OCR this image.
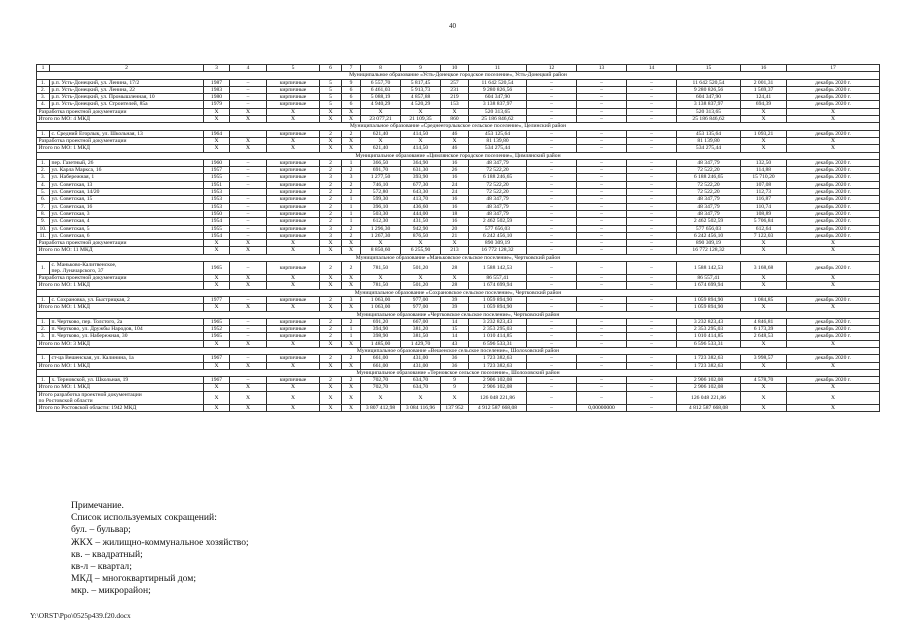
40
1	2	3	4	5	6	7	8	9	10	11	12	13	14	15	16	17
Муниципальное образование «Усть-Донецкое городское поселение», Усть-Донецкий район																
1.	р.п. Усть-Донецкий, ул. Ленина, 17/2	1987	–	кирпичные	5	9	6 557,70	5 817,45	257	11 642 520,54	–	–	–	11 642 520,54	2 001,31	декабрь 2020 г.
2.	р.п. Усть-Донецкий, ул. Ленина, 22	1983	–	кирпичные	5	6	6 461,03	5 913,73	231	9 280 826,56	–	–	–	9 280 826,56	1 569,37	декабрь 2020 г.
3.	р.п. Усть-Донецкий, ул. Промышленная, 10	1980	–	кирпичные	5	6	5 088,19	4 857,88	219	604 347,90	–	–	–	604 347,90	124,41	декабрь 2020 г.
4.	р.п. Усть-Донецкий, ул. Строителей, 85а	1979	–	кирпичные	5	6	4 940,29	4 520,29	153	3 138 837,97	–	–	–	3 138 837,97	694,39	декабрь 2020 г.
Разработка проектной документации		X	X	X	X	X	X	X	X	520 313,65	–	–	–	520 313,65	X	X
Итого по МО: 4 МКД		X	X	X	X	X	23 077,21	21 109,35	860	25 186 846,62	–	–	–	25 186 846,62	X	X
Муниципальное образование «Среднеегорлыкское сельское поселение», Целинский район																
1.	с. Средний Егорлык, ул. Школьная, 13	1964		кирпичные	2	2	621,40	414,50	46	453 125,64	–	–	–	453 135,64	1 093,21	декабрь 2020 г.
Разработка проектной документации		X	X	X	X	X	X	X	X	81 139,80	–	–	–	81 139,80	X	X
Итого по МО: 1 МКД		X	X	X	X	X	621,40	414,50	46	534 275,44	–	–	–	534 275,44	X	X
Муниципальное образование «Цимлянское городское поселение», Цимлянский район																
1.	пер. Газетный, 26	1960	–	кирпичные	2	1	366,50	364,90	16	48 347,79	–	–	–	48 347,79	132,50	декабрь 2020 г.
2.	ул. Карла Маркса, 16	1957	–	кирпичные	2	2	691,70	631,30	26	72 522,20	–	–	–	72 522,20	114,88	декабрь 2020 г.
3.	ул. Набережная, 1	1955	–	кирпичные	3	3	1 277,50	393,90	16	6 188 246,65	–	–	–	6 188 246,65	15 710,20	декабрь 2020 г.
4.	ул. Советская, 13	1951	–	кирпичные	2	2	746,10	677,30	24	72 522,20	–	–	–	72 522,20	107,08	декабрь 2020 г.
5.	ул. Советская, 14/20	1953		кирпичные	2	2	572,80	643,30	24	72 522,20	–	–	–	72 522,20	112,73	декабрь 2020 г.
6.	ул. Советская, 15	1953	–	кирпичные	2	1	599,30	413,70	16	48 347,79	–	–	–	48 347,79	116,87	декабрь 2020 г.
7.	ул. Советская, 16	1953	–	кирпичные	2	1	396,10	436,60	16	48 347,79	–	–	–	48 347,79	110,74	декабрь 2020 г.
8.	ул. Советская, 3	1950	–	кирпичные	2	1	503,30	444,00	18	48 347,79	–	–	–	48 347,79	108,89	декабрь 2020 г.
9.	ул. Советская, 4	1954	–	кирпичные	2	1	612,30	431,50	16	2 462 502,59	–	–	–	2 462 502,59	5 706,84	декабрь 2020 г.
10.	ул. Советская, 5	1955	–	кирпичные	3	2	1 296,30	942,90	20	577 656,03	–	–	–	577 656,03	612,64	декабрь 2020 г.
11.	ул. Советская, 6	1954	–	кирпичные	3	2	1 267,30	876,50	21	6 242 456,10	–	–	–	6 242 456,10	7 122,03	декабрь 2020 г.
Разработка проектной документации		X	X	X	X	X	X	X	X	890 309,19	–	–	–	890 309,19	X	X
Итого по МО: 11 МКД		X	X	X	X	X	8 850,60	6 255,90	213	16 772 128,32	–	–	–	16 772 128,32	X	X
Муниципальное образование «Маньковское сельское поселение», Чертковский район																
1.	с. Маньково-Калитвенское,
пер. Луначарского, 37	1965	–	кирпичные	2	2	781,50	501,20	28	1 588 142,53	–	–	–	1 588 142,53	3 168,68	декабрь 2020 г.
Разработка проектной документации		X	X	X	X	X	X	X	X	86 557,41	–	–	–	86 557,41	X	X
Итого по МО: 1 МКД		X	X	X	X	X	781,50	501,20	28	1 674 699,94	–	–	–	1 674 699,94	X	X
Муниципальное образование «Сохрановское сельское поселение», Чертковский район																
1.	с. Сохрановка, ул. Быстрицкая, 2	1977	–	кирпичные	2	3	1 063,00	977,00	39	1 059 894,90	–	–	–	1 059 894,90	1 084,85	декабрь 2020 г.
Итого по МО: 1 МКД		X	X	X	X	X	1 063,00	977,00	39	1 059 894,90	–	–	–	1 059 894,90	X	X
Муниципальное образование «Чертковское сельское поселение», Чертковский район																
1.	п. Чертково, пер. Толстого, 2а	1965	–	кирпичные	2	2	691,20	667,00	14	3 232 823,43	–	–	–	3 232 823,43	4 846,81	декабрь 2020 г.
2.	п. Чертково, ул. Дружбы Народов, 104	1952	–	кирпичные	2	1	394,90	381,20	15	2 353 295,03	–	–	–	2 353 295,03	6 173,39	декабрь 2020 г.
3.	п. Чертково, ул. Набережная, 30	1965	–	кирпичные	2	1	398,90	381,50	14	1 010 414,85	–	–	–	1 010 414,85	2 648,53	декабрь 2020 г.
Итого по МО: 3 МКД		X	X	X	X	X	1 485,00	1 429,70	43	6 596 533,31	–	–	–	6 596 533,31	X	X
Муниципальное образование «Вешенское сельское поселение», Шолоховский район																
1.	ст-ца Вешенская, ул. Калинина, 1а	1967	–	кирпичные	2	2	661,00	431,00	36	1 723 382,63	–	–	–	1 723 382,63	3 998,57	декабрь 2020 г.
Итого по МО: 1 МКД		X	X	X	X	X	661,00	431,00	36	1 723 382,63	–	–	–	1 723 382,63	X	X
Муниципальное образование «Терновское сельское поселение», Шолоховский район																
1.	х. Терновской, ул. Школьная, 19	1967	–	кирпичные	2	2	702,70	634,70	9	2 906 102,08	–	–	–	2 906 102,08	4 578,70	декабрь 2020 г.
Итого по МО: 1 МКД		X	X	X	X	X	702,70	634,70	9	2 906 102,08	–	–	–	2 906 102,08	X	X

Итого разработка проектной документации
по Ростовской области		X	X	X	X	X	X	X	X	126 048 221,86	–	–	–	126 048 221,86	X	X
Итого по Ростовской области: 1942 МКД		X	X	X	X	X	3 807 412,98	3 084 116,96	137 952	4 912 587 668,08	–	0,00000000	–	4 812 587 668,08	X	X
Примечание.
Список используемых сокращений:
бул. – бульвар;
ЖКХ – жилищно-коммунальное хозяйство;
кв. – квадратный;
кв-л – квартал;
МКД – многоквартирный дом;
мкр. – микрорайон;
Y:\ORST\Ppo\0525p439.f20.docx
